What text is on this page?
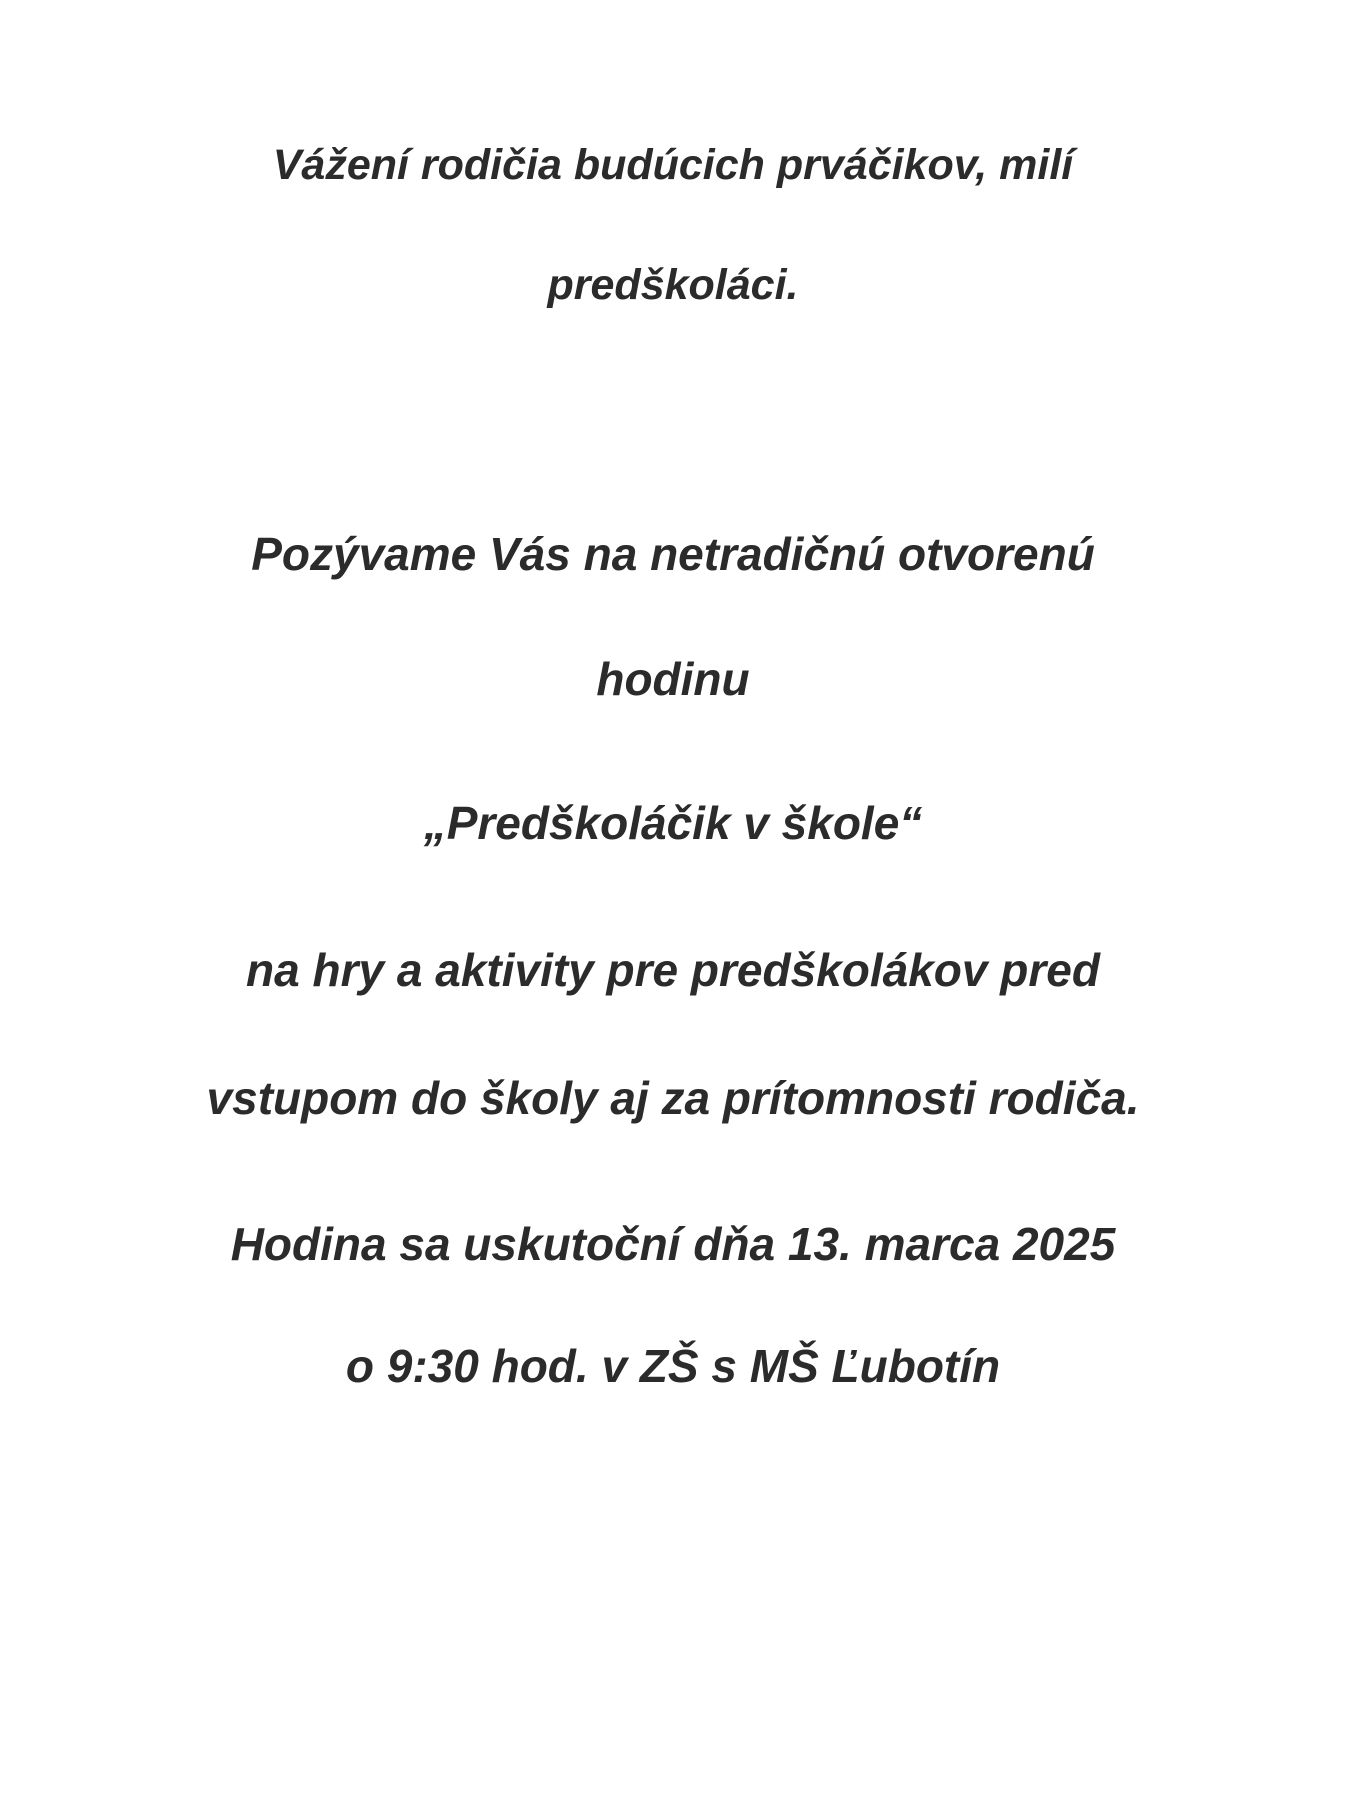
Vážení rodičia budúcich prváčikov, milí
predškoláci.
Pozývame Vás na netradičnú otvorenú
hodinu
„Predškoláčik v škole“
na hry a aktivity pre predškolákov pred
vstupom do školy aj za prítomnosti rodiča.
Hodina sa uskutoční dňa 13. marca 2025
o 9:30 hod. v ZŠ s MŠ Ľubotín
